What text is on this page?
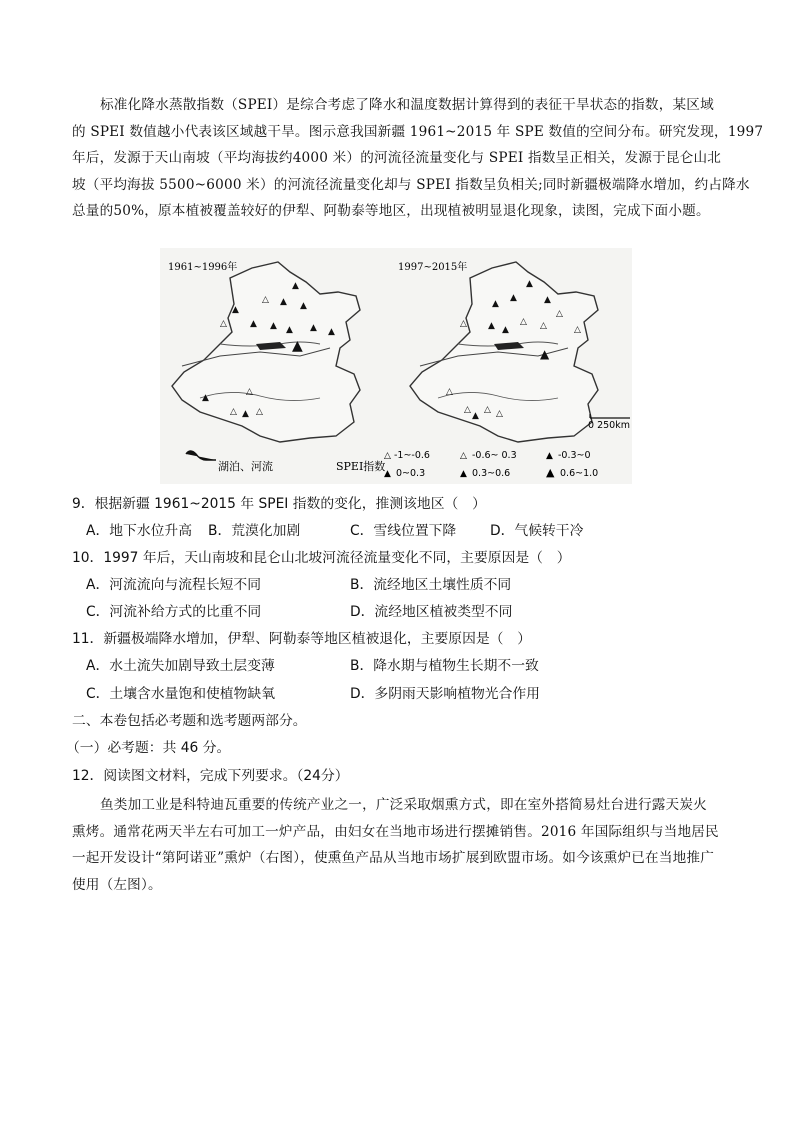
标准化降水蒸散指数（SPEI）是综合考虑了降水和温度数据计算得到的表征干旱状态的指数，某区域
的 SPEI 数值越小代表该区域越干旱。图示意我国新疆 1961~2015 年 SPE 数值的空间分布。研究发现，1997
年后，发源于天山南坡（平均海拔约4000 米）的河流径流量变化与 SPEI 指数呈正相关，发源于昆仑山北
坡（平均海拔 5500~6000 米）的河流径流量变化却与 SPEI 指数呈负相关;同时新疆极端降水增加，约占降水
总量的50%，原本植被覆盖较好的伊犁、阿勒泰等地区，出现植被明显退化现象，读图，完成下面小题。
▲
▲
△
▲
▲ ▲	▲ ▲
▲
△
▲
▲
▲
△ ▲ △
△
1961~1996年
▲
▲
▲	▲
△
△ △
△
△
▲ ▲
▲
△
△ △ △
▲
1997~2015年
0 250km
湖泊、河流	SPEI指数
△ -1~-0.6	△ -0.6~ 0.3	▲ -0.3~0
▲ 0~0.3	▲ 0.3~0.6	▲ 0.6~1.0
9．根据新疆 1961~2015 年 SPEI 指数的变化，推测该地区（　）
A．地下水位升高 B．荒漠化加剧	C．雪线位置下降 D．气候转干冷
10．1997 年后，天山南坡和昆仑山北坡河流径流量变化不同，主要原因是（　）
A．河流流向与流程长短不同	B．流经地区土壤性质不同
C．河流补给方式的比重不同	D．流经地区植被类型不同
11．新疆极端降水增加，伊犁、阿勒泰等地区植被退化，主要原因是（　）
A．水土流失加剧导致土层变薄	B．降水期与植物生长期不一致
C．土壤含水量饱和使植物缺氧	D．多阴雨天影响植物光合作用
二、本卷包括必考题和选考题两部分。
（一）必考题：共 46 分。
12．阅读图文材料，完成下列要求。（24分）
鱼类加工业是科特迪瓦重要的传统产业之一，广泛采取烟熏方式，即在室外搭简易灶台进行露天炭火
熏烤。通常花两天半左右可加工一炉产品，由妇女在当地市场进行摆摊销售。2016 年国际组织与当地居民
一起开发设计“第阿诺亚”熏炉（右图），使熏鱼产品从当地市场扩展到欧盟市场。如今该熏炉已在当地推广
使用（左图）。
